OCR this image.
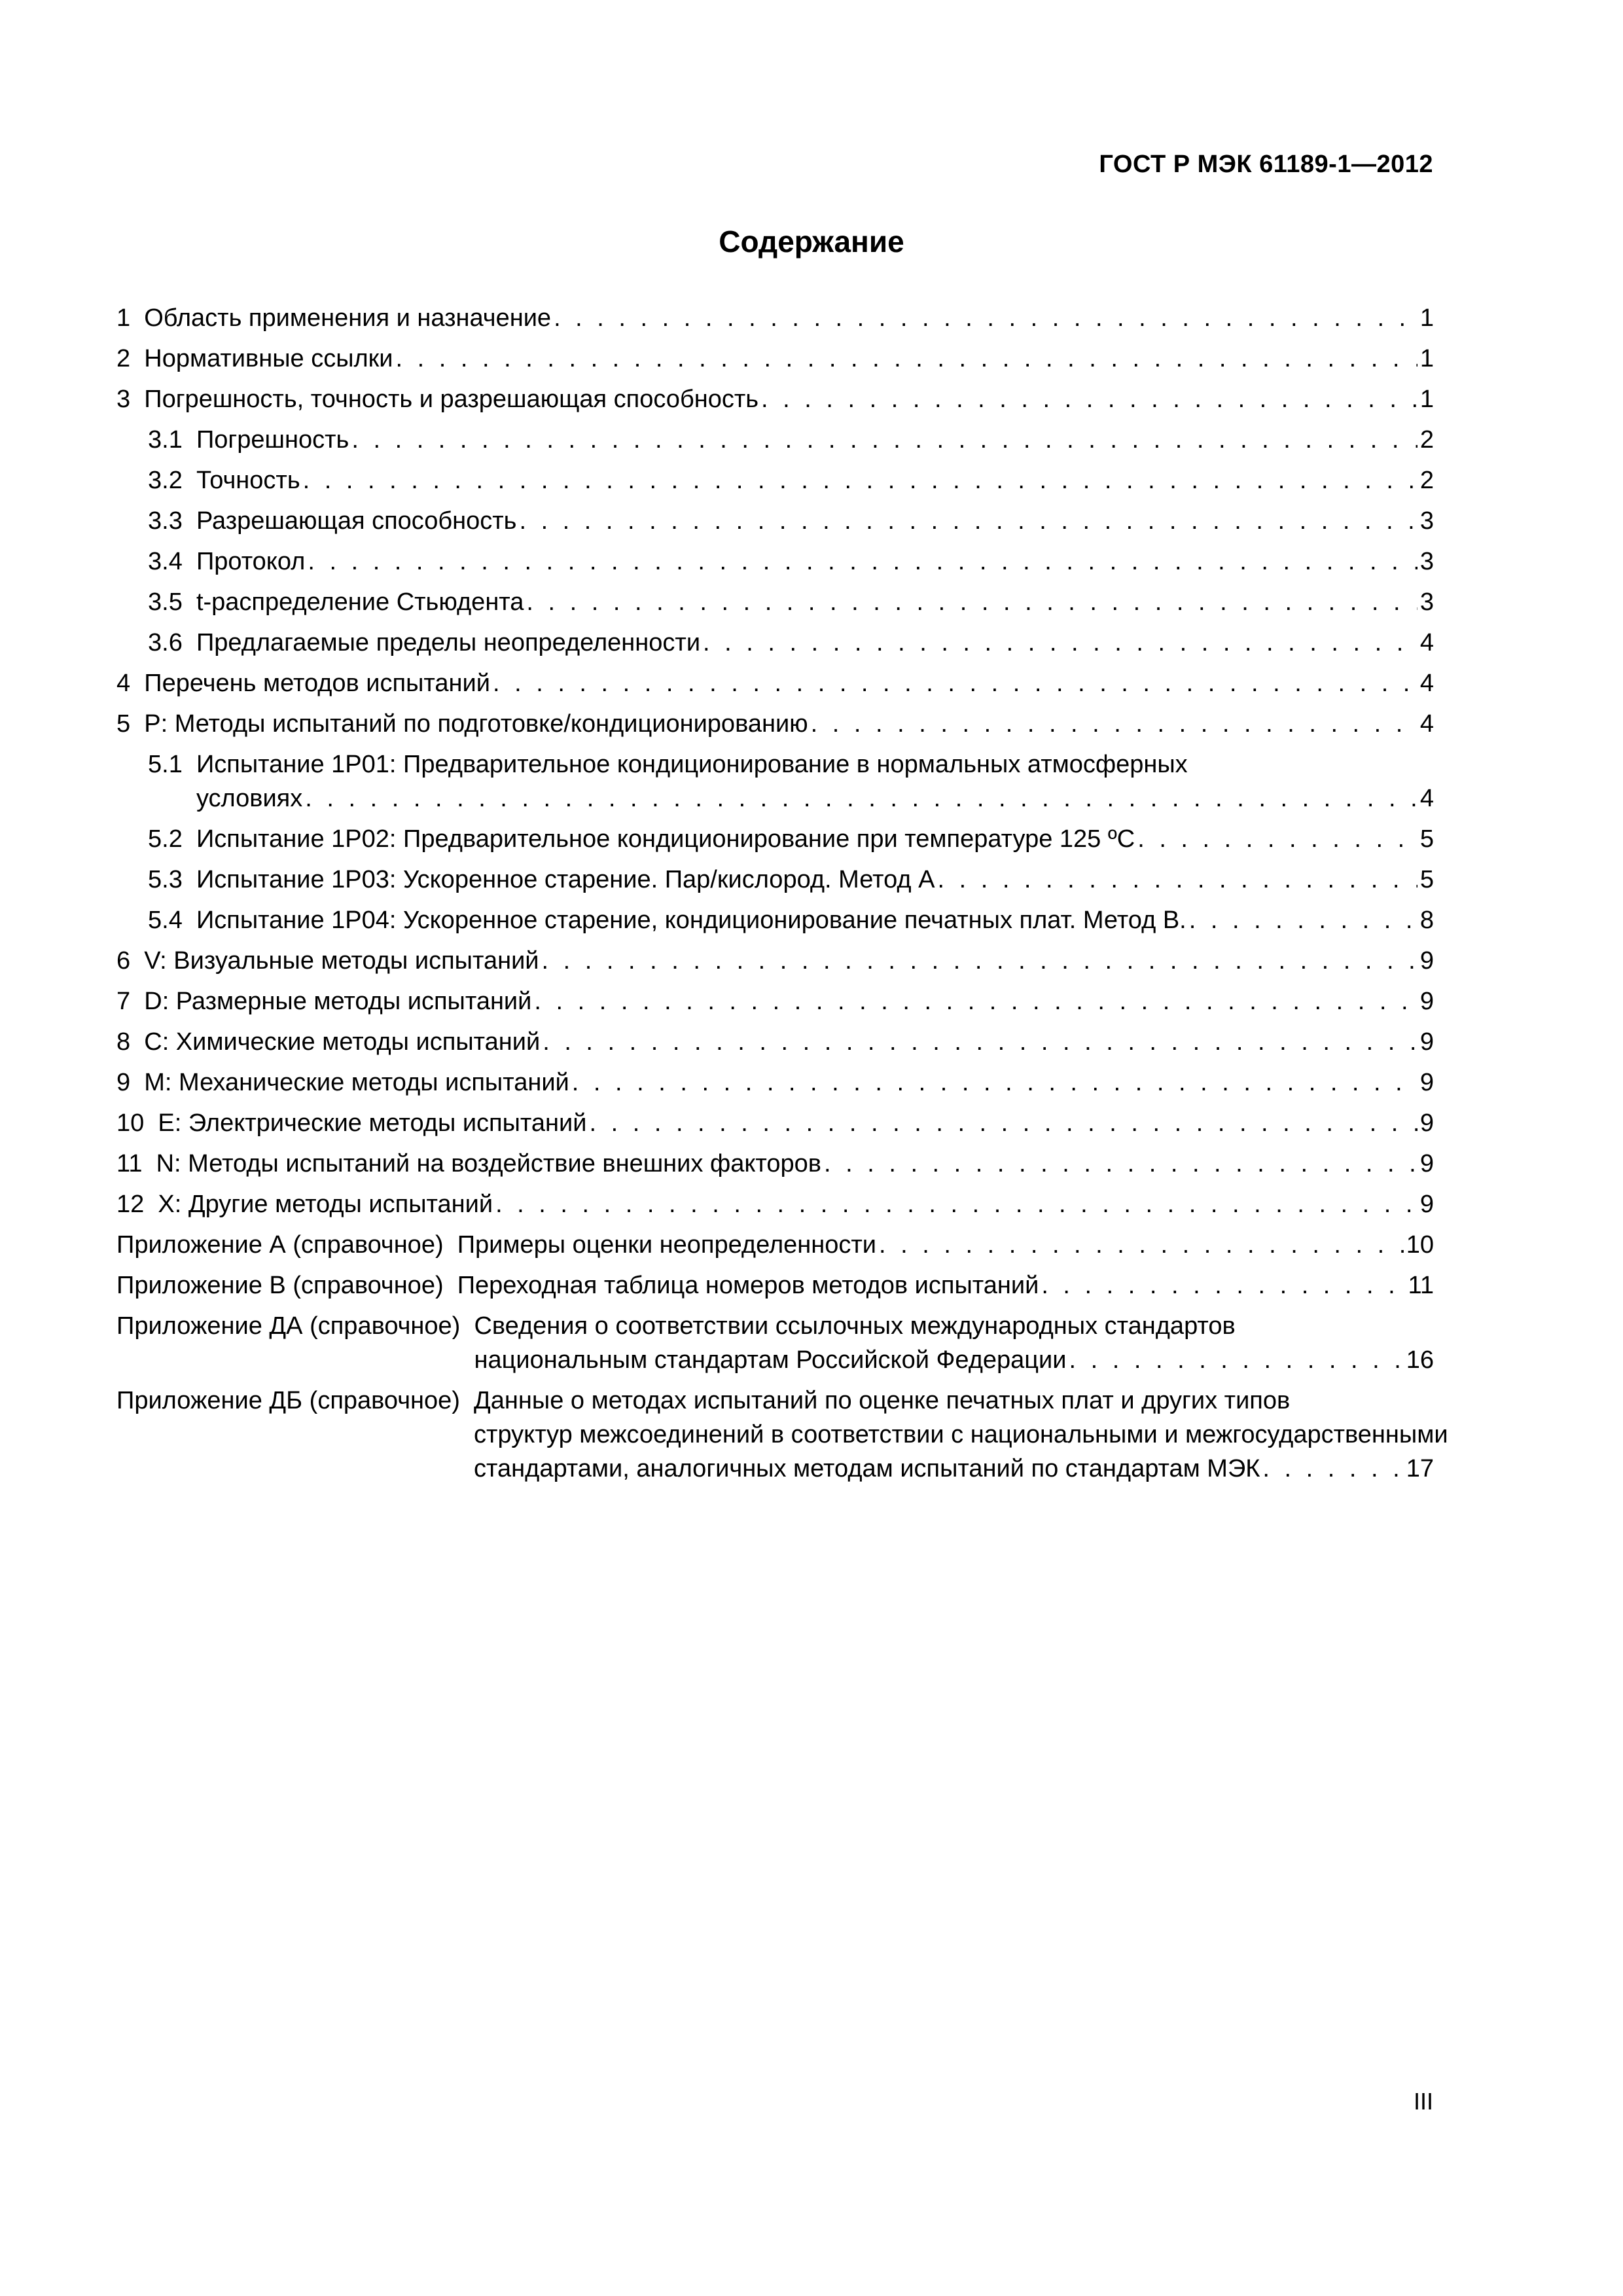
ГОСТ Р МЭК 61189-1—2012
Содержание
1 Область применения и назначение . . .	1
2 Нормативные ссылки . . .	1
3 Погрешность, точность и разрешающая способность . . .	1
3.1 Погрешность . . .	2
3.2 Точность . . .	2
3.3 Разрешающая способность . . .	3
3.4 Протокол . . .	3
3.5 t-распределение Стьюдента . . .	3
3.6 Предлагаемые пределы неопределенности . . .	4
4 Перечень методов испытаний . . .	4
5 P: Методы испытаний по подготовке/кондиционированию . . .	4
5.1 Испытание 1P01: Предварительное кондиционирование в нормальных атмосферных
условиях . . .	4
5.2 Испытание 1P02: Предварительное кондиционирование при температуре 125 ºC . . .	5
5.3 Испытание 1P03: Ускоренное старение. Пар/кислород. Метод А . . .	5
5.4 Испытание 1P04: Ускоренное старение, кондиционирование печатных плат. Метод В. . . .	8
6 V: Визуальные методы испытаний . . .	9
7 D: Размерные методы испытаний . . .	9
8 C: Химические методы испытаний . . .	9
9 M: Механические методы испытаний . . .	9
10 E: Электрические методы испытаний . . .	9
11 N: Методы испытаний на воздействие внешних факторов . . .	9
12 X: Другие методы испытаний . . .	9
Приложение А (справочное) Примеры оценки неопределенности . . .	10
Приложение В (справочное) Переходная таблица номеров методов испытаний . . .	11
Приложение ДА (справочное) Сведения о соответствии ссылочных международных стандартов
национальным стандартам Российской Федерации . . .	16
Приложение ДБ (справочное) Данные о методах испытаний по оценке печатных плат и других типов
структур межсоединений в соответствии с национальными и межгосударственными
стандартами, аналогичных методам испытаний по стандартам МЭК . . .	17
III
